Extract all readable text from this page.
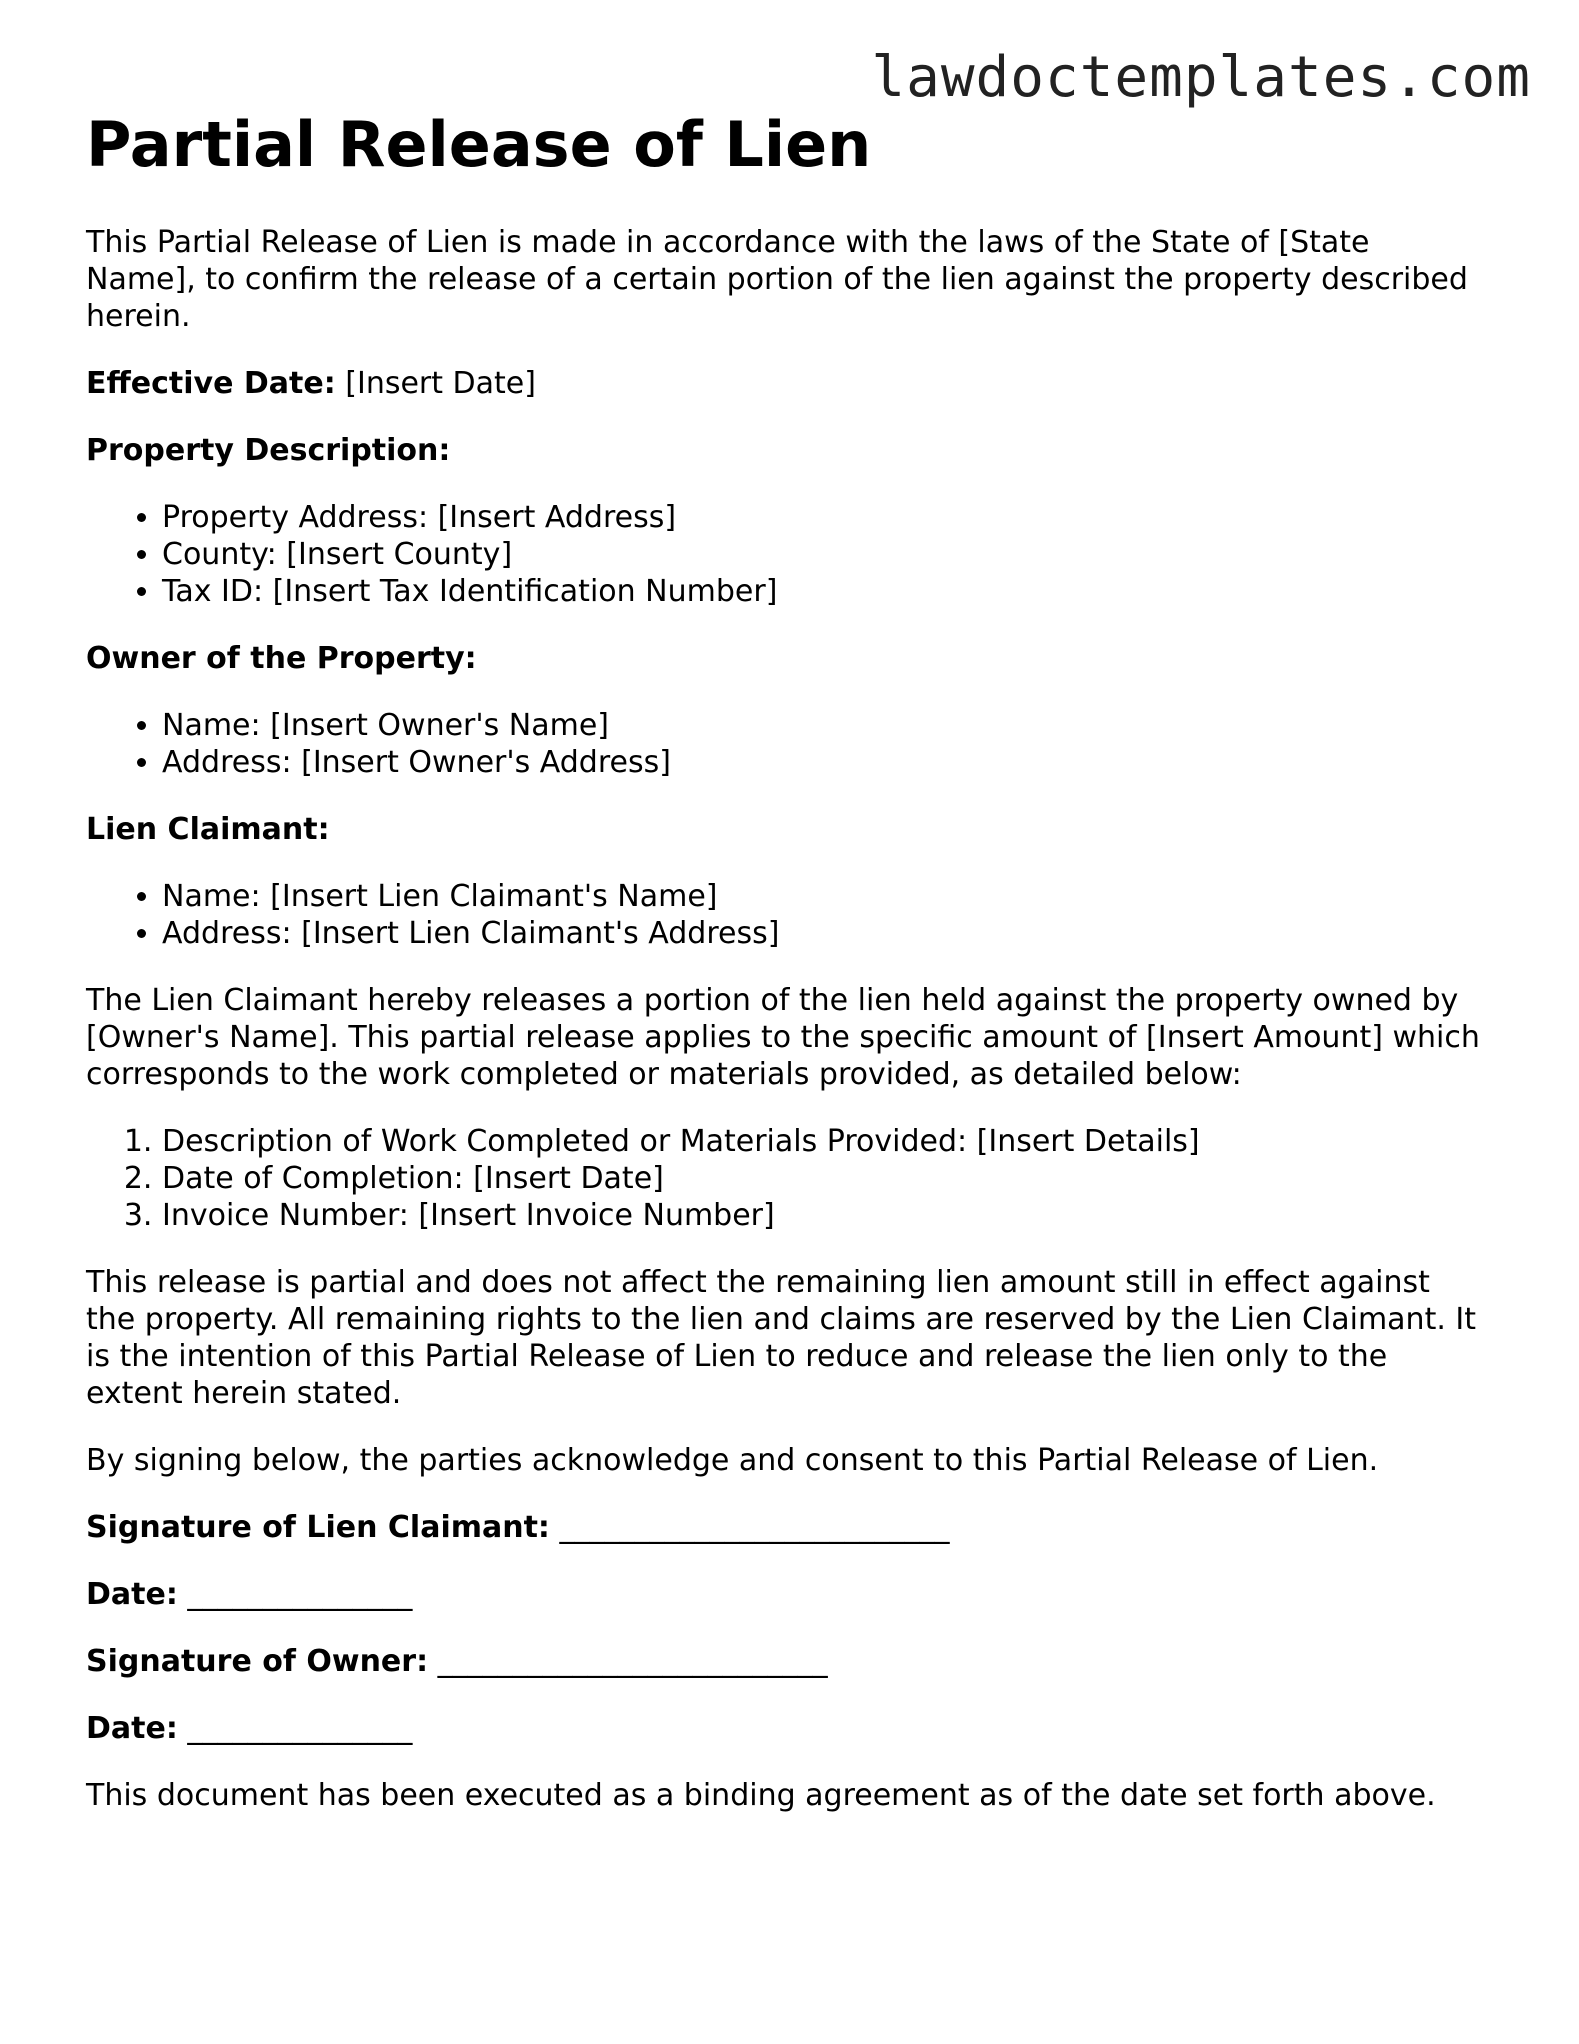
lawdoctemplates.com
Partial Release of Lien

This Partial Release of Lien is made in accordance with the laws of the State of [State Name], to confirm the release of a certain portion of the lien against the property described herein.

Effective Date: [Insert Date]

Property Description:

• Property Address: [Insert Address]
• County: [Insert County]
• Tax ID: [Insert Tax Identification Number]

Owner of the Property:

• Name: [Insert Owner's Name]
• Address: [Insert Owner's Address]

Lien Claimant:

• Name: [Insert Lien Claimant's Name]
• Address: [Insert Lien Claimant's Address]

The Lien Claimant hereby releases a portion of the lien held against the property owned by [Owner's Name]. This partial release applies to the specific amount of [Insert Amount] which corresponds to the work completed or materials provided, as detailed below:

1. Description of Work Completed or Materials Provided: [Insert Details]
2. Date of Completion: [Insert Date]
3. Invoice Number: [Insert Invoice Number]

This release is partial and does not affect the remaining lien amount still in effect against the property. All remaining rights to the lien and claims are reserved by the Lien Claimant. It is the intention of this Partial Release of Lien to reduce and release the lien only to the extent herein stated.

By signing below, the parties acknowledge and consent to this Partial Release of Lien.

Signature of Lien Claimant: __________________________

Date: _______________

Signature of Owner: __________________________

Date: _______________

This document has been executed as a binding agreement as of the date set forth above.
